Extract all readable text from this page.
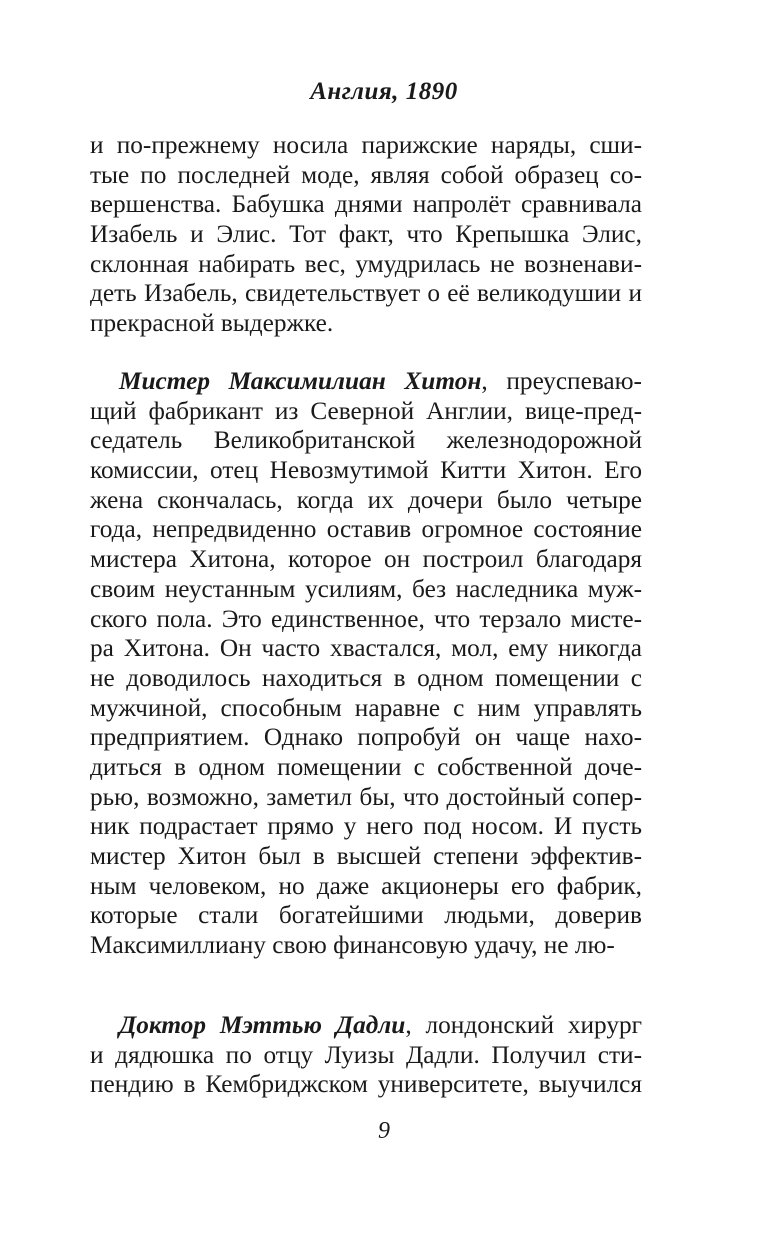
Англия, 1890
и по-прежнему носила парижские наряды, сши-
тые по последней моде, являя собой образец со-
вершенства. Бабушка днями напролёт сравнивала
Изабель и Элис. Тот факт, что Крепышка Элис,
склонная набирать вес, умудрилась не возненави-
деть Изабель, свидетельствует о её великодушии и
прекрасной выдержке.
Мистер Максимилиан Хитон, преуспеваю-
щий фабрикант из Северной Англии, вице-пред-
седатель Великобританской железнодорожной
комиссии, отец Невозмутимой Китти Хитон. Его
жена скончалась, когда их дочери было четыре
года, непредвиденно оставив огромное состояние
мистера Хитона, которое он построил благодаря
своим неустанным усилиям, без наследника муж-
ского пола. Это единственное, что терзало мисте-
ра Хитона. Он часто хвастался, мол, ему никогда
не доводилось находиться в одном помещении с
мужчиной, способным наравне с ним управлять
предприятием. Однако попробуй он чаще нахо-
диться в одном помещении с собственной доче-
рью, возможно, заметил бы, что достойный сопер-
ник подрастает прямо у него под носом. И пусть
мистер Хитон был в высшей степени эффектив-
ным человеком, но даже акционеры его фабрик,
которые стали богатейшими людьми, доверив
Максимиллиану свою финансовую удачу, не лю-
Доктор Мэттью Дадли, лондонский хирург
и дядюшка по отцу Луизы Дадли. Получил сти-
пендию в Кембриджском университете, выучился
9
